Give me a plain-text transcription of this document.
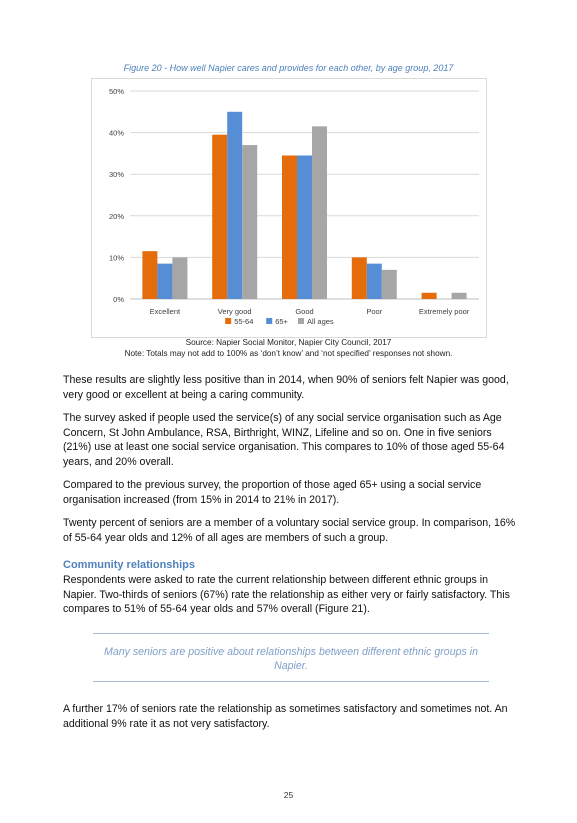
Figure 20 - How well Napier cares and provides for each other, by age group, 2017
0%
10%
20%
30%
40%
50%
Excellent	Very good	Good	Poor	Extremely poor
55-64	65+	All ages
Source: Napier Social Monitor, Napier City Council, 2017
Note: Totals may not add to 100% as ‘don’t know’ and ‘not specified’ responses not shown.

These results are slightly less positive than in 2014, when 90% of seniors felt Napier was good, very good or excellent at being a caring community.

The survey asked if people used the service(s) of any social service organisation such as Age Concern, St John Ambulance, RSA, Birthright, WINZ, Lifeline and so on. One in five seniors (21%) use at least one social service organisation. This compares to 10% of those aged 55-64 years, and 20% overall.

Compared to the previous survey, the proportion of those aged 65+ using a social service organisation increased (from 15% in 2014 to 21% in 2017).

Twenty percent of seniors are a member of a voluntary social service group. In comparison, 16% of 55-64 year olds and 12% of all ages are members of such a group.

Community relationships

Respondents were asked to rate the current relationship between different ethnic groups in Napier. Two-thirds of seniors (67%) rate the relationship as either very or fairly satisfactory. This compares to 51% of 55-64 year olds and 57% overall (Figure 21).

Many seniors are positive about relationships between different ethnic groups in Napier.

A further 17% of seniors rate the relationship as sometimes satisfactory and sometimes not. An additional 9% rate it as not very satisfactory.

25
